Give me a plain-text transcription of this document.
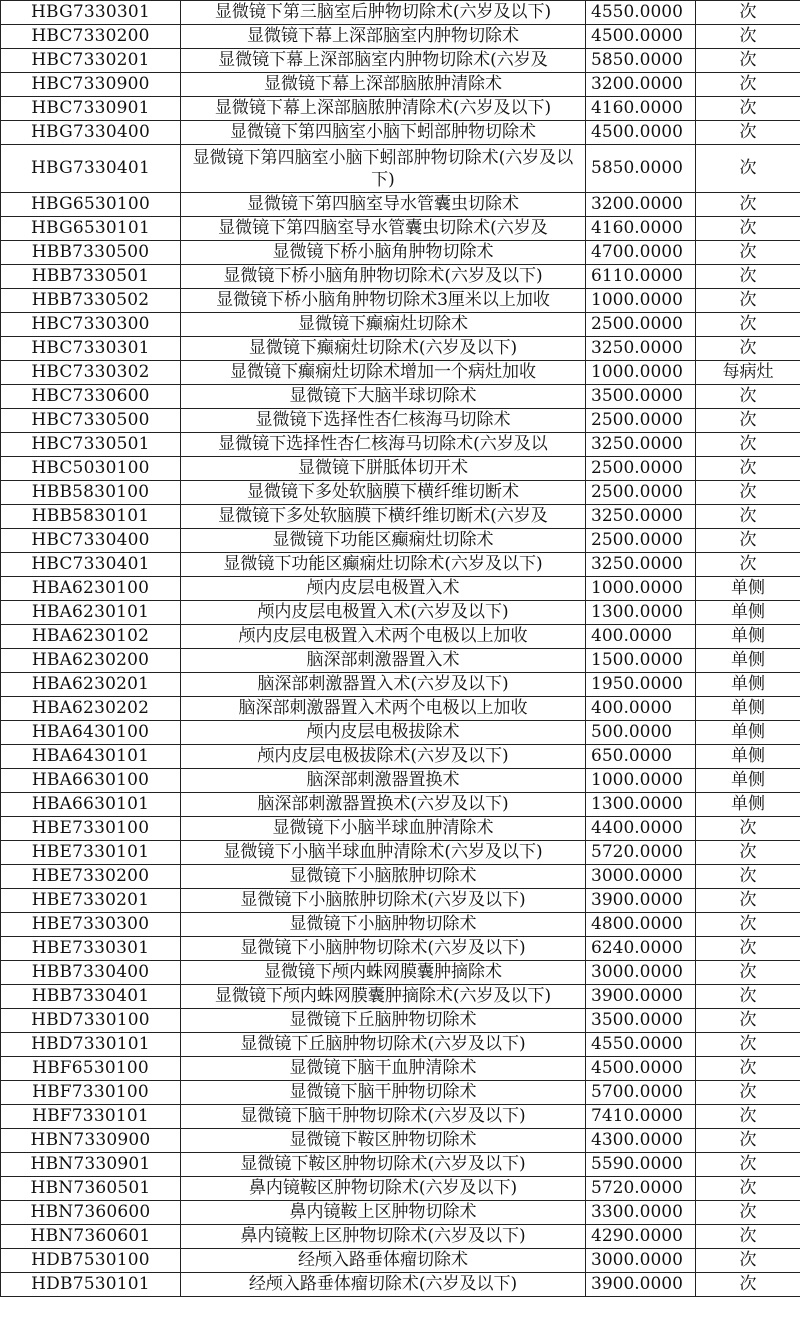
HBG7330301	显微镜下第三脑室后肿物切除术(六岁及以下)	4550.0000	次
HBC7330200	显微镜下幕上深部脑室内肿物切除术	4500.0000	次
HBC7330201	显微镜下幕上深部脑室内肿物切除术(六岁及	5850.0000	次
HBC7330900	显微镜下幕上深部脑脓肿清除术	3200.0000	次
HBC7330901	显微镜下幕上深部脑脓肿清除术(六岁及以下)	4160.0000	次
HBG7330400	显微镜下第四脑室小脑下蚓部肿物切除术	4500.0000	次
HBG7330401	显微镜下第四脑室小脑下蚓部肿物切除术(六岁及以下)	5850.0000	次
HBG6530100	显微镜下第四脑室导水管囊虫切除术	3200.0000	次
HBG6530101	显微镜下第四脑室导水管囊虫切除术(六岁及	4160.0000	次
HBB7330500	显微镜下桥小脑角肿物切除术	4700.0000	次
HBB7330501	显微镜下桥小脑角肿物切除术(六岁及以下)	6110.0000	次
HBB7330502	显微镜下桥小脑角肿物切除术3厘米以上加收	1000.0000	次
HBC7330300	显微镜下癫痫灶切除术	2500.0000	次
HBC7330301	显微镜下癫痫灶切除术(六岁及以下)	3250.0000	次
HBC7330302	显微镜下癫痫灶切除术增加一个病灶加收	1000.0000	每病灶
HBC7330600	显微镜下大脑半球切除术	3500.0000	次
HBC7330500	显微镜下选择性杏仁核海马切除术	2500.0000	次
HBC7330501	显微镜下选择性杏仁核海马切除术(六岁及以	3250.0000	次
HBC5030100	显微镜下胼胝体切开术	2500.0000	次
HBB5830100	显微镜下多处软脑膜下横纤维切断术	2500.0000	次
HBB5830101	显微镜下多处软脑膜下横纤维切断术(六岁及	3250.0000	次
HBC7330400	显微镜下功能区癫痫灶切除术	2500.0000	次
HBC7330401	显微镜下功能区癫痫灶切除术(六岁及以下)	3250.0000	次
HBA6230100	颅内皮层电极置入术	1000.0000	单侧
HBA6230101	颅内皮层电极置入术(六岁及以下)	1300.0000	单侧
HBA6230102	颅内皮层电极置入术两个电极以上加收	400.0000	单侧
HBA6230200	脑深部刺激器置入术	1500.0000	单侧
HBA6230201	脑深部刺激器置入术(六岁及以下)	1950.0000	单侧
HBA6230202	脑深部刺激器置入术两个电极以上加收	400.0000	单侧
HBA6430100	颅内皮层电极拔除术	500.0000	单侧
HBA6430101	颅内皮层电极拔除术(六岁及以下)	650.0000	单侧
HBA6630100	脑深部刺激器置换术	1000.0000	单侧
HBA6630101	脑深部刺激器置换术(六岁及以下)	1300.0000	单侧
HBE7330100	显微镜下小脑半球血肿清除术	4400.0000	次
HBE7330101	显微镜下小脑半球血肿清除术(六岁及以下)	5720.0000	次
HBE7330200	显微镜下小脑脓肿切除术	3000.0000	次
HBE7330201	显微镜下小脑脓肿切除术(六岁及以下)	3900.0000	次
HBE7330300	显微镜下小脑肿物切除术	4800.0000	次
HBE7330301	显微镜下小脑肿物切除术(六岁及以下)	6240.0000	次
HBB7330400	显微镜下颅内蛛网膜囊肿摘除术	3000.0000	次
HBB7330401	显微镜下颅内蛛网膜囊肿摘除术(六岁及以下)	3900.0000	次
HBD7330100	显微镜下丘脑肿物切除术	3500.0000	次
HBD7330101	显微镜下丘脑肿物切除术(六岁及以下)	4550.0000	次
HBF6530100	显微镜下脑干血肿清除术	4500.0000	次
HBF7330100	显微镜下脑干肿物切除术	5700.0000	次
HBF7330101	显微镜下脑干肿物切除术(六岁及以下)	7410.0000	次
HBN7330900	显微镜下鞍区肿物切除术	4300.0000	次
HBN7330901	显微镜下鞍区肿物切除术(六岁及以下)	5590.0000	次
HBN7360501	鼻内镜鞍区肿物切除术(六岁及以下)	5720.0000	次
HBN7360600	鼻内镜鞍上区肿物切除术	3300.0000	次
HBN7360601	鼻内镜鞍上区肿物切除术(六岁及以下)	4290.0000	次
HDB7530100	经颅入路垂体瘤切除术	3000.0000	次
HDB7530101	经颅入路垂体瘤切除术(六岁及以下)	3900.0000	次
